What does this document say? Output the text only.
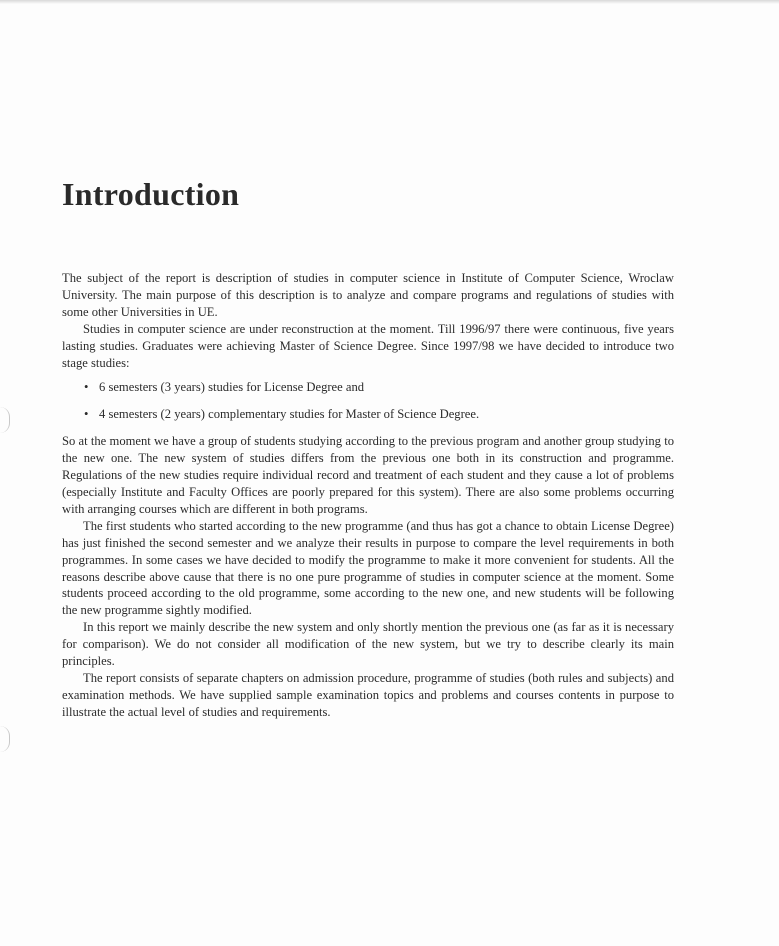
Introduction

The subject of the report is description of studies in computer science in Institute of Computer Science, Wroclaw University. The main purpose of this description is to analyze and compare programs and regulations of studies with some other Universities in UE.

Studies in computer science are under reconstruction at the moment. Till 1996/97 there were continuous, five years lasting studies. Graduates were achieving Master of Science Degree. Since 1997/98 we have decided to introduce two stage studies:

• 6 semesters (3 years) studies for License Degree and
• 4 semesters (2 years) complementary studies for Master of Science Degree.

So at the moment we have a group of students studying according to the previous program and another group studying to the new one. The new system of studies differs from the previous one both in its construction and programme. Regulations of the new studies require individual record and treatment of each student and they cause a lot of problems (especially Institute and Faculty Offices are poorly prepared for this system). There are also some problems occurring with arranging courses which are different in both programs.

The first students who started according to the new programme (and thus has got a chance to obtain License Degree) has just finished the second semester and we analyze their results in purpose to compare the level requirements in both programmes. In some cases we have decided to modify the programme to make it more convenient for students. All the reasons describe above cause that there is no one pure programme of studies in computer science at the moment. Some students proceed according to the old programme, some according to the new one, and new students will be following the new programme sightly modified.

In this report we mainly describe the new system and only shortly mention the previous one (as far as it is necessary for comparison). We do not consider all modification of the new system, but we try to describe clearly its main principles.

The report consists of separate chapters on admission procedure, programme of studies (both rules and subjects) and examination methods. We have supplied sample examination topics and problems and courses contents in purpose to illustrate the actual level of studies and requirements.
